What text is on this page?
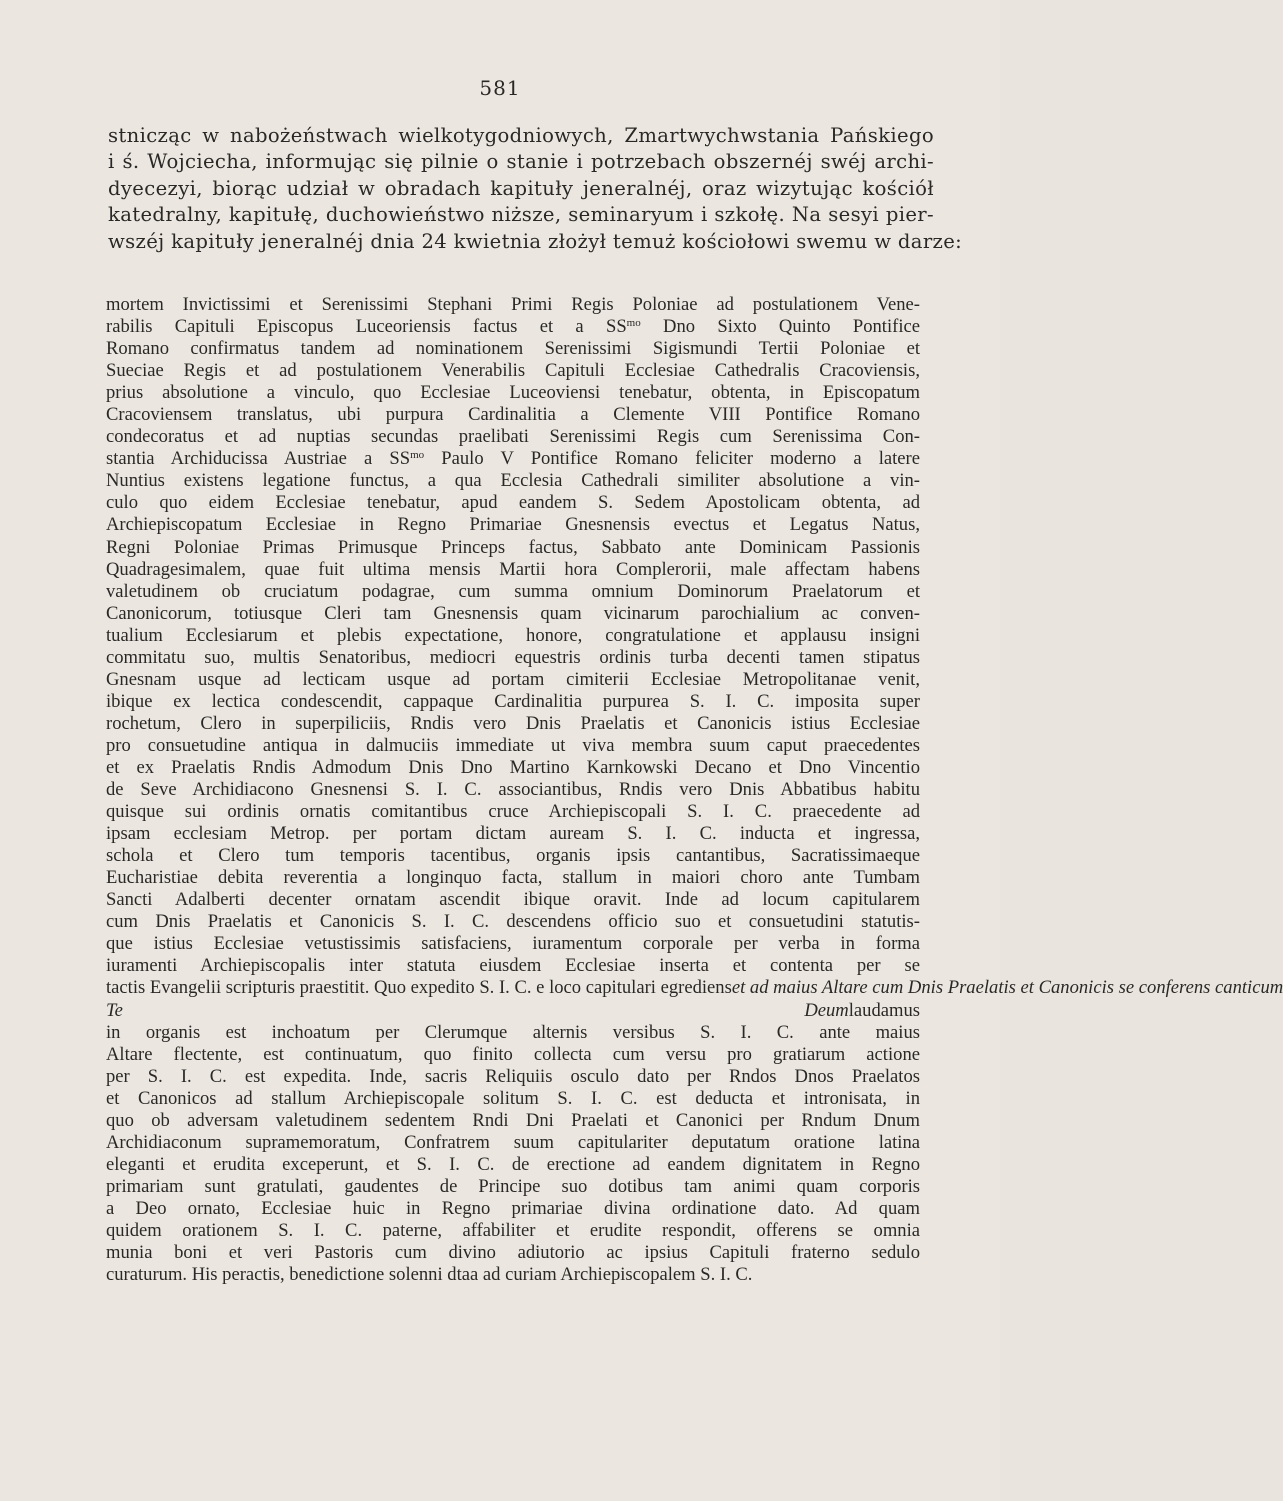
581
stnicząc w nabożeństwach wielkotygodniowych, Zmartwychwstania Pańskiego
i ś. Wojciecha, informując się pilnie o stanie i potrzebach obszernéj swéj archi-
dyecezyi, biorąc udział w obradach kapituły jeneralnéj, oraz wizytując kościół
katedralny, kapitułę, duchowieństwo niższe, seminaryum i szkołę. Na sesyi pier-
wszéj kapituły jeneralnéj dnia 24 kwietnia złożył temuż kościołowi swemu w darze:
mortem Invictissimi et Serenissimi Stephani Primi Regis Poloniae ad postulationem Vene-
rabilis Capituli Episcopus Luceoriensis factus et a $SS^{mo}$ Dno Sixto Quinto Pontifice
Romano confirmatus tandem ad nominationem Serenissimi Sigismundi Tertii Poloniae et
Sueciae Regis et ad postulationem Venerabilis Capituli Ecclesiae Cathedralis Cracoviensis,
prius absolutione a vinculo, quo Ecclesiae Luceoviensi tenebatur, obtenta, in Episcopatum
Cracoviensem translatus, ubi purpura Cardinalitia a Clemente VIII Pontifice Romano
condecoratus et ad nuptias secundas praelibati Serenissimi Regis cum Serenissima Con-
stantia Archiducissa Austriae a $SS^{mo}$ Paulo V Pontifice Romano feliciter moderno a latere
Nuntius existens legatione functus, a qua Ecclesia Cathedrali similiter absolutione a vin-
culo quo eidem Ecclesiae tenebatur, apud eandem S. Sedem Apostolicam obtenta, ad
Archiepiscopatum Ecclesiae in Regno Primariae Gnesnensis evectus et Legatus Natus,
Regni Poloniae Primas Primusque Princeps factus, Sabbato ante Dominicam Passionis
Quadragesimalem, quae fuit ultima mensis Martii hora Complerorii, male affectam habens
valetudinem ob cruciatum podagrae, cum summa omnium Dominorum Praelatorum et
Canonicorum, totiusque Cleri tam Gnesnensis quam vicinarum parochialium ac conven-
tualium Ecclesiarum et plebis expectatione, honore, congratulatione et applausu insigni
commitatu suo, multis Senatoribus, mediocri equestris ordinis turba decenti tamen stipatus
Gnesnam usque ad lecticam usque ad portam cimiterii Ecclesiae Metropolitanae venit,
ibique ex lectica condescendit, cappaque Cardinalitia purpurea S. I. C. imposita super
rochetum, Clero in superpiliciis, Rndis vero Dnis Praelatis et Canonicis istius Ecclesiae
pro consuetudine antiqua in dalmuciis immediate ut viva membra suum caput praecedentes
et ex Praelatis Rndis Admodum Dnis Dno Martino Karnkowski Decano et Dno Vincentio
de Seve Archidiacono Gnesnensi S. I. C. associantibus, Rndis vero Dnis Abbatibus habitu
quisque sui ordinis ornatis comitantibus cruce Archiepiscopali S. I. C. praecedente ad
ipsam ecclesiam Metrop. per portam dictam auream S. I. C. inducta et ingressa,
schola et Clero tum temporis tacentibus, organis ipsis cantantibus, Sacratissimaeque
Eucharistiae debita reverentia a longinquo facta, stallum in maiori choro ante Tumbam
Sancti Adalberti decenter ornatam ascendit ibique oravit. Inde ad locum capitularem
cum Dnis Praelatis et Canonicis S. I. C. descendens officio suo et consuetudini statutis-
que istius Ecclesiae vetustissimis satisfaciens, iuramentum corporale per verba in forma
iuramenti Archiepiscopalis inter statuta eiusdem Ecclesiae inserta et contenta per se
tactis Evangelii scripturis praestitit. Quo expedito S. I. C. e loco capitulari egredienset ad maius Altare cum Dnis Praelatis et Canonicis se conferens canticum
Te Deumlaudamus
in organis est inchoatum per Clerumque alternis versibus S. I. C. ante maius
Altare flectente, est continuatum, quo finito collecta cum versu pro gratiarum actione
per S. I. C. est expedita. Inde, sacris Reliquiis osculo dato per Rndos Dnos Praelatos
et Canonicos ad stallum Archiepiscopale solitum S. I. C. est deducta et intronisata, in
quo ob adversam valetudinem sedentem Rndi Dni Praelati et Canonici per Rndum Dnum
Archidiaconum supramemoratum, Confratrem suum capitulariter deputatum oratione latina
eleganti et erudita exceperunt, et S. I. C. de erectione ad eandem dignitatem in Regno
primariam sunt gratulati, gaudentes de Principe suo dotibus tam animi quam corporis
a Deo ornato, Ecclesiae huic in Regno primariae divina ordinatione dato. Ad quam
quidem orationem S. I. C. paterne, affabiliter et erudite respondit, offerens se omnia
munia boni et veri Pastoris cum divino adiutorio ac ipsius Capituli fraterno sedulo
curaturum. His peractis, benedictione solenni dtaa ad curiam Archiepiscopalem S. I. C.
